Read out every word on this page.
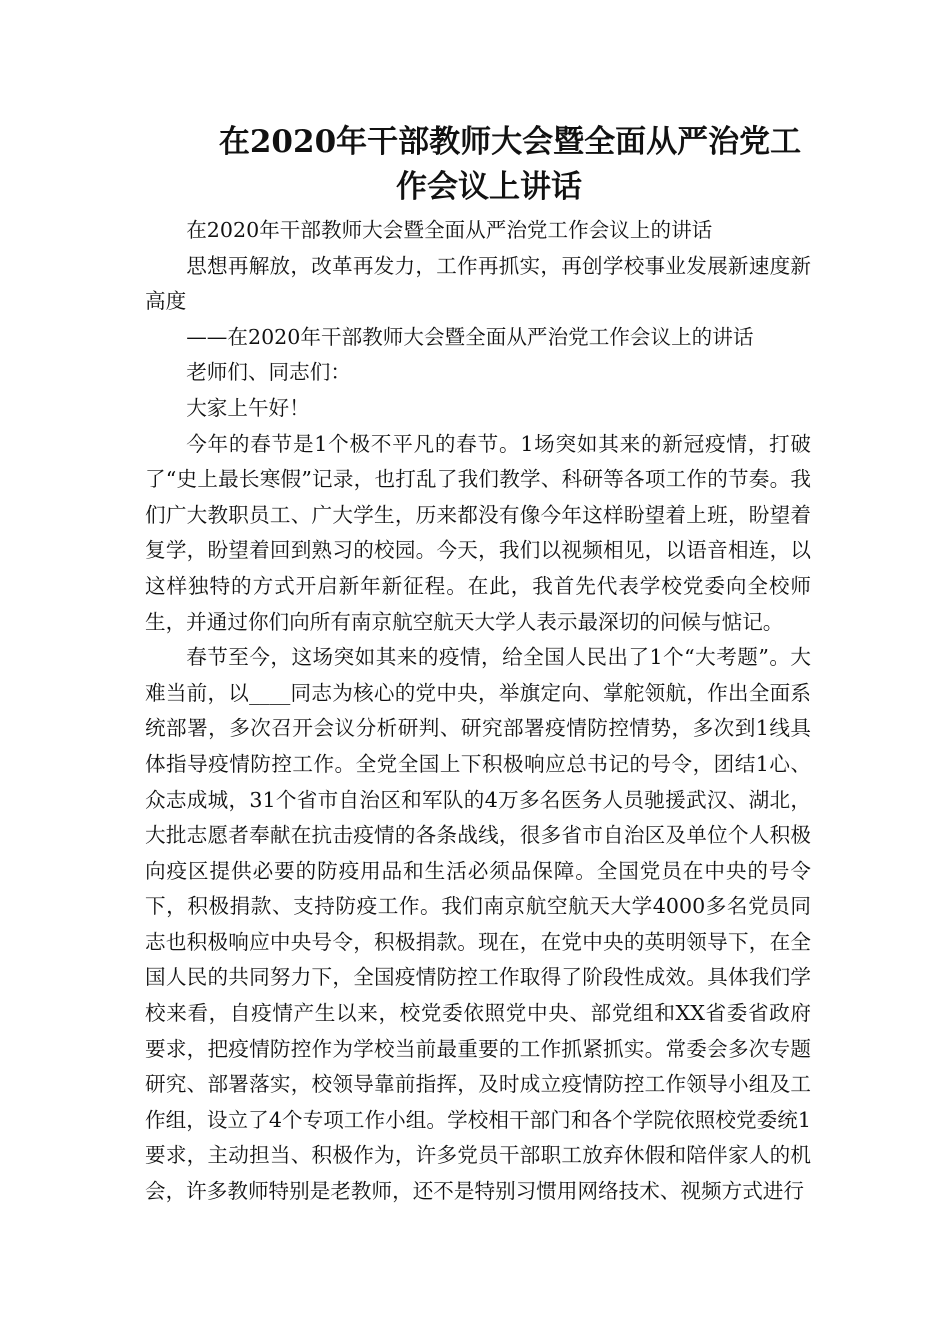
在2020年干部教师大会暨全面从严治党工
作会议上讲话

在2020年干部教师大会暨全面从严治党工作会议上的讲话

思想再解放，改革再发力，工作再抓实，再创学校事业发展新速度新高度

——在2020年干部教师大会暨全面从严治党工作会议上的讲话

老师们、同志们：

大家上午好！

今年的春节是1个极不平凡的春节。1场突如其来的新冠疫情，打破了“史上最长寒假”记录，也打乱了我们教学、科研等各项工作的节奏。我们广大教职员工、广大学生，历来都没有像今年这样盼望着上班，盼望着复学，盼望着回到熟习的校园。今天，我们以视频相见，以语音相连，以这样独特的方式开启新年新征程。在此，我首先代表学校党委向全校师生，并通过你们向所有南京航空航天大学人表示最深切的问候与惦记。

春节至今，这场突如其来的疫情，给全国人民出了1个“大考题”。大难当前，以____同志为核心的党中央，举旗定向、掌舵领航，作出全面系统部署，多次召开会议分析研判、研究部署疫情防控情势，多次到1线具体指导疫情防控工作。全党全国上下积极响应总书记的号令，团结1心、众志成城，31个省市自治区和军队的4万多名医务人员驰援武汉、湖北，大批志愿者奉献在抗击疫情的各条战线，很多省市自治区及单位个人积极向疫区提供必要的防疫用品和生活必须品保障。全国党员在中央的号令下，积极捐款、支持防疫工作。我们南京航空航天大学4000多名党员同志也积极响应中央号令，积极捐款。现在，在党中央的英明领导下，在全国人民的共同努力下，全国疫情防控工作取得了阶段性成效。具体我们学校来看，自疫情产生以来，校党委依照党中央、部党组和XX省委省政府要求，把疫情防控作为学校当前最重要的工作抓紧抓实。常委会多次专题研究、部署落实，校领导靠前指挥，及时成立疫情防控工作领导小组及工作组，设立了4个专项工作小组。学校相干部门和各个学院依照校党委统1要求，主动担当、积极作为，许多党员干部职工放弃休假和陪伴家人的机会，许多教师特别是老教师，还不是特别习惯用网络技术、视频方式进行
